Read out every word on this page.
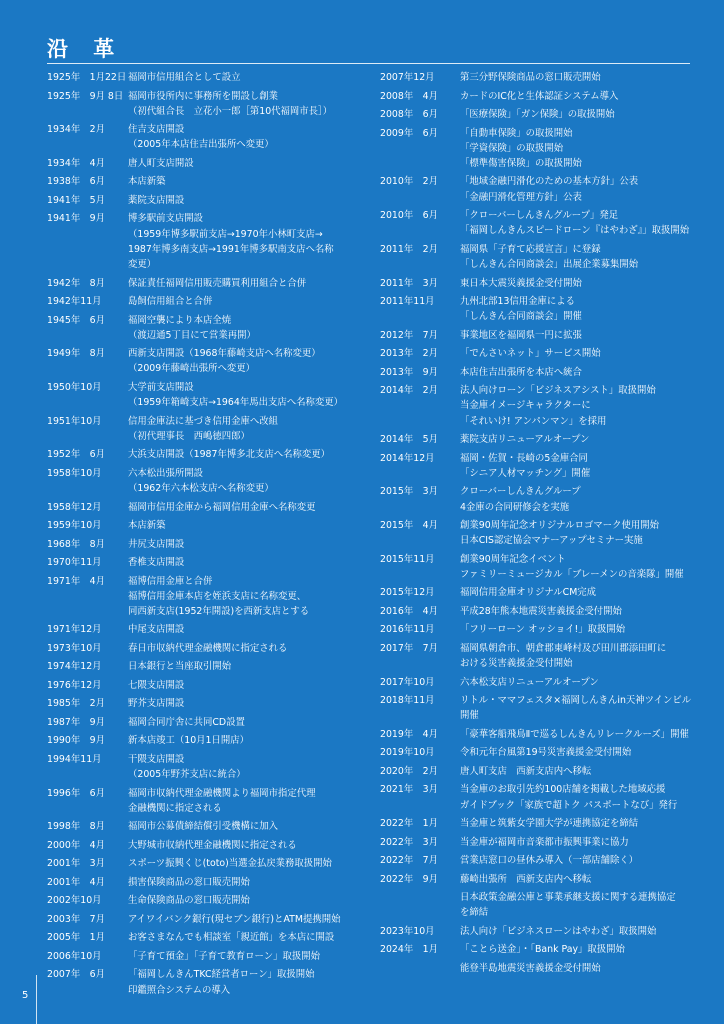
沿 革
1925年　1月22日 福岡市信用組合として設立
1925年　9月 8日 福岡市役所内に事務所を開設し創業
（初代組合長　立花小一郎［第10代福岡市長］）
1934年　2月	住吉支店開設
（2005年本店住吉出張所へ変更）
1934年　4月	唐人町支店開設
1938年　6月	本店新築
1941年　5月	薬院支店開設
1941年　9月	博多駅前支店開設
（1959年博多駅前支店→1970年小林町支店→
1987年博多南支店→1991年博多駅南支店へ名称
変更）
1942年　8月	保証責任福岡信用販売購買利用組合と合併
1942年11月	島飼信用組合と合併
1945年　6月	福岡空襲により本店全焼
（渡辺通5丁目にて営業再開）
1949年　8月	西新支店開設（1968年藤崎支店へ名称変更）
（2009年藤崎出張所へ変更）
1950年10月	大学前支店開設
（1959年箱崎支店→1964年馬出支店へ名称変更）
1951年10月	信用金庫法に基づき信用金庫へ改組
（初代理事長　西嶋徳四郎）
1952年　6月	大浜支店開設（1987年博多北支店へ名称変更）
1958年10月	六本松出張所開設
（1962年六本松支店へ名称変更）
1958年12月	福岡市信用金庫から福岡信用金庫へ名称変更
1959年10月	本店新築
1968年　8月	井尻支店開設
1970年11月	香椎支店開設
1971年　4月	福博信用金庫と合併
福博信用金庫本店を姪浜支店に名称変更、
同西新支店(1952年開設)を西新支店とする
1971年12月	中尾支店開設
1973年10月	春日市収納代理金融機関に指定される
1974年12月	日本銀行と当座取引開始
1976年12月	七隈支店開設
1985年　2月	野芥支店開設
1987年　9月	福岡合同庁舎に共同CD設置
1990年　9月	新本店竣工（10月1日開店）
1994年11月	干隈支店開設
（2005年野芥支店に統合）
1996年　6月	福岡市収納代理金融機関より福岡市指定代理
金融機関に指定される
1998年　8月	福岡市公募債締結償引受機構に加入
2000年　4月	大野城市収納代理金融機関に指定される
2001年　3月	スポーツ振興くじ(toto)当選金払戻業務取扱開始
2001年　4月	損害保険商品の窓口販売開始
2002年10月	生命保険商品の窓口販売開始
2003年　7月	アイワイバンク銀行(現セブン銀行)とATM提携開始
2005年　1月	お客さまなんでも相談室「親近館」を本店に開設
2006年10月	「子育て預金」「子育て教育ローン」取扱開始
2007年　6月	「福岡しんきんTKC経営者ローン」取扱開始
印鑑照合システムの導入
2007年12月	第三分野保険商品の窓口販売開始
2008年　4月	カードのIC化と生体認証システム導入
2008年　6月	「医療保険」「ガン保険」の取扱開始
2009年　6月	「自動車保険」の取扱開始
「学資保険」の取扱開始
「標準傷害保険」の取扱開始
2010年　2月	「地域金融円滑化のための基本方針」公表
「金融円滑化管理方針」公表
2010年　6月	「クローバーしんきんグループ」発足
「福岡しんきんスピードローン『はやわざ』」取扱開始
2011年　2月	福岡県「子育て応援宣言」に登録
「しんきん合同商談会」出展企業募集開始
2011年　3月	東日本大震災義援金受付開始
2011年11月	九州北部13信用金庫による
「しんきん合同商談会」開催
2012年　7月	事業地区を福岡県一円に拡張
2013年　2月	「でんさいネット」サービス開始
2013年　9月	本店住吉出張所を本店へ統合
2014年　2月	法人向けローン「ビジネスアシスト」取扱開始
当金庫イメージキャラクターに
「それいけ! アンパンマン」を採用
2014年　5月	薬院支店リニューアルオープン
2014年12月	福岡・佐賀・長崎の5金庫合同
「シニア人材マッチング」開催
2015年　3月	クローバーしんきんグループ
4金庫の合同研修会を実施
2015年　4月	創業90周年記念オリジナルロゴマーク使用開始
日本CIS認定協会マナーアップセミナー実施
2015年11月	創業90周年記念イベント
ファミリーミュージカル「ブレーメンの音楽隊」開催
2015年12月	福岡信用金庫オリジナルCM完成
2016年　4月	平成28年熊本地震災害義援金受付開始
2016年11月	「フリーローン オッショイ!」取扱開始
2017年　7月	福岡県朝倉市、朝倉郡東峰村及び田川郡添田町に
おける災害義援金受付開始
2017年10月	六本松支店リニューアルオープン
2018年11月	リトル・ママフェスタ×福岡しんきんin天神ツインビル
開催
2019年　4月	「豪華客船飛鳥Ⅱで巡るしんきんリレークルーズ」開催
2019年10月	令和元年台風第19号災害義援金受付開始
2020年　2月	唐人町支店　西新支店内へ移転
2021年　3月	当金庫のお取引先約100店舗を掲載した地域応援
ガイドブック「家族で超トク パスポートなび」発行
2022年　1月	当金庫と筑紫女学園大学が連携協定を締結
2022年　3月	当金庫が福岡市音楽都市振興事業に協力
2022年　7月	営業店窓口の昼休み導入（一部店舗除く）
2022年　9月	藤崎出張所　西新支店内へ移転
日本政策金融公庫と事業承継支援に関する連携協定
を締結
2023年10月	法人向け「ビジネスローンはやわざ」取扱開始
2024年　1月	「ことら送金」・「Bank Pay」取扱開始
能登半島地震災害義援金受付開始
5
